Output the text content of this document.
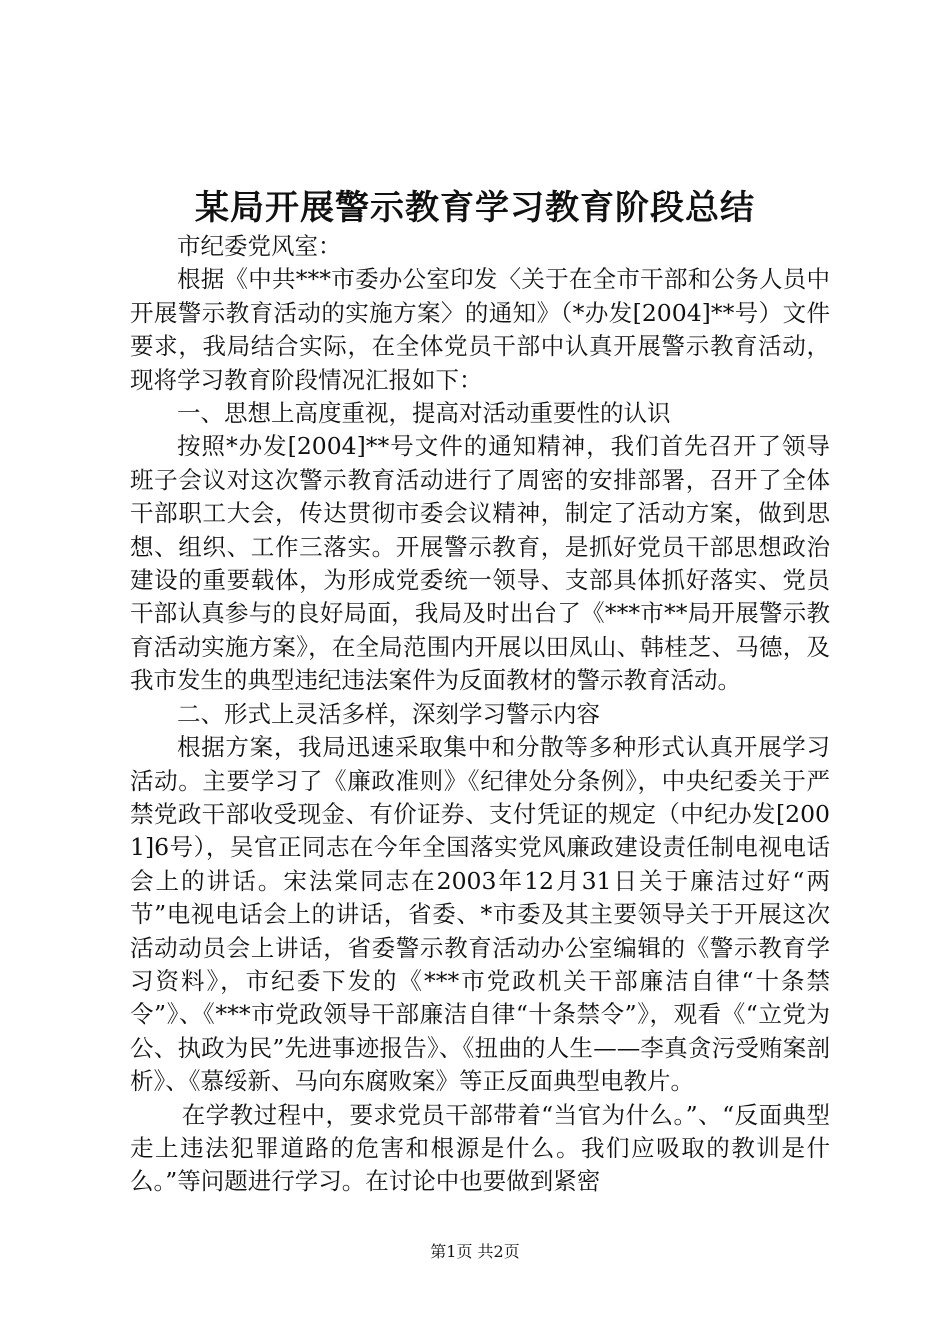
某局开展警示教育学习教育阶段总结

市纪委党风室：

根据《中共***市委办公室印发〈关于在全市干部和公务人员中开展警示教育活动的实施方案〉的通知》（*办发[2004]**号）文件要求，我局结合实际，在全体党员干部中认真开展警示教育活动，现将学习教育阶段情况汇报如下：

一、思想上高度重视，提高对活动重要性的认识

按照*办发[2004]**号文件的通知精神，我们首先召开了领导班子会议对这次警示教育活动进行了周密的安排部署，召开了全体干部职工大会，传达贯彻市委会议精神，制定了活动方案，做到思想、组织、工作三落实。开展警示教育，是抓好党员干部思想政治建设的重要载体，为形成党委统一领导、支部具体抓好落实、党员干部认真参与的良好局面，我局及时出台了《***市**局开展警示教育活动实施方案》，在全局范围内开展以田凤山、韩桂芝、马德，及我市发生的典型违纪违法案件为反面教材的警示教育活动。

二、形式上灵活多样，深刻学习警示内容

根据方案，我局迅速采取集中和分散等多种形式认真开展学习活动。主要学习了《廉政准则》《纪律处分条例》，中央纪委关于严禁党政干部收受现金、有价证券、支付凭证的规定（中纪办发[2001]6号），吴官正同志在今年全国落实党风廉政建设责任制电视电话会上的讲话。宋法棠同志在2003年12月31日关于廉洁过好“两节”电视电话会上的讲话，省委、*市委及其主要领导关于开展这次活动动员会上讲话，省委警示教育活动办公室编辑的《警示教育学习资料》，市纪委下发的《***市党政机关干部廉洁自律“十条禁令”》、《***市党政领导干部廉洁自律“十条禁令”》，观看《“立党为公、执政为民”先进事迹报告》、《扭曲的人生——李真贪污受贿案剖析》、《慕绥新、马向东腐败案》等正反面典型电教片。

在学教过程中，要求党员干部带着“当官为什么。”、“反面典型走上违法犯罪道路的危害和根源是什么。我们应吸取的教训是什么。”等问题进行学习。在讨论中也要做到紧密

第1页 共2页
